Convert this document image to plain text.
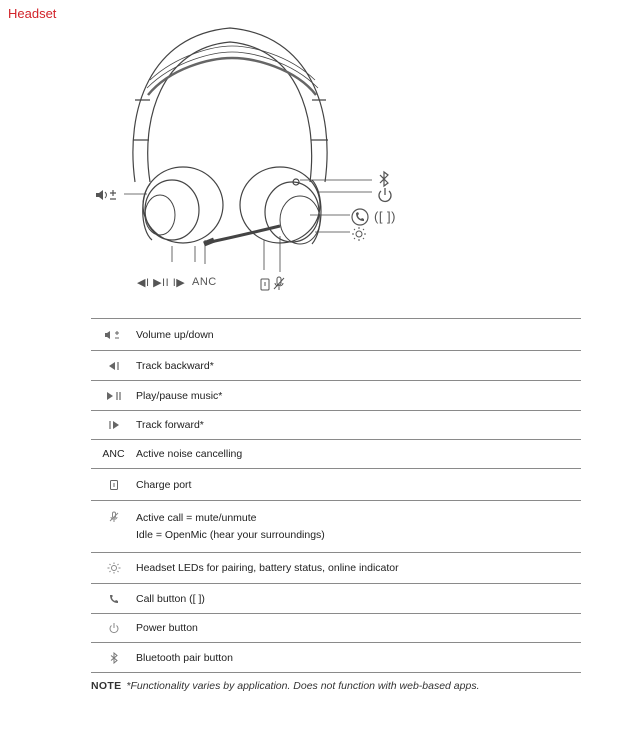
Headset
◀I ▶II I▶ ANC
([ ])
	Volume up/down
	Track backward*
	Play/pause music*
	Track forward*
ANC	Active noise cancelling
	Charge port

Active call = mute/unmute
Idle = OpenMic (hear your surroundings)

	Headset LEDs for pairing, battery status, online indicator
	Call button ([ ])
	Power button
	Bluetooth pair button
NOTE *Functionality varies by application. Does not function with web-based apps.
